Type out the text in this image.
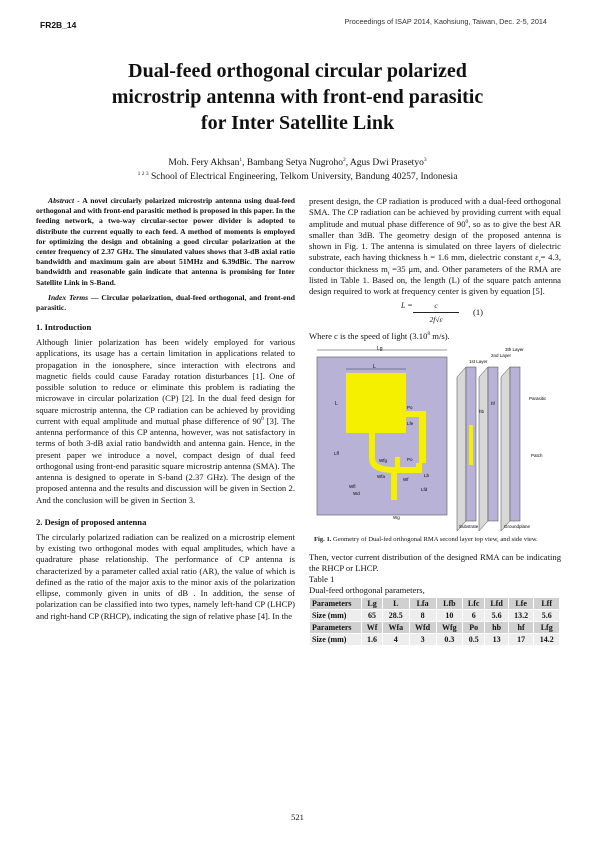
FR2B_14	Proceedings of ISAP 2014, Kaohsiung, Taiwan, Dec. 2-5, 2014
Dual-feed orthogonal circular polarized
microstrip antenna with front-end parasitic
for Inter Satellite Link
Moh. Fery Akhsan$^1$, Bambang Setya Nugroho$^2$, Agus Dwi Prasetyo$^3$
$^{1 2 3}$ School of Electrical Engineering, Telkom University, Bandung 40257, Indonesia

Abstract - A novel circularly polarized microstrip antenna using dual-feed orthogonal and with front-end parasitic method is proposed in this paper. In the feeding network, a two-way circular-sector power divider is adopted to distribute the current equally to each feed. A method of moments is employed for optimizing the design and obtaining a good circular polarization at the center frequency of 2.37 GHz. The simulated values shows that 3-dB axial ratio bandwidth and maximum gain are about 51MHz and 6.39dBic. The narrow bandwidth and reasonable gain indicate that antenna is promising for Inter Satellite Link in S-Band.

Index Terms — Circular polarization, dual-feed orthogonal, and front-end parasitic.

1. Introduction

Although linier polarization has been widely employed for various applications, its usage has a certain limitation in applications related to propagation in the ionosphere, since interaction with electrons and magnetic fields could cause Faraday rotation disturbances [1]. One of possible solution to reduce or eliminate this problem is radiating the microwave in circular polarization (CP) [2]. In the dual feed design for square microstrip antenna, the CP radiation can be achieved by providing current with equal amplitude and mutual phase difference of $90^0$ [3]. The antenna performance of this CP antenna, however, was not satisfactory in terms of both 3-dB axial ratio bandwidth and antenna gain. Hence, in the present paper we introduce a novel, compact design of dual feed orthogonal using front-end parasitic square microstrip antenna (SMA). The antenna is designed to operate in S-band (2.37 GHz). The design of the proposed antenna and the results and discussion will be given in Section 2. And the conclusion will be given in Section 3.

2. Design of proposed antenna

The circularly polarized radiation can be realized on a microstrip element by existing two orthogonal modes with equal amplitudes, which have a quadrature phase relationship. The performance of CP antenna is characterized by a parameter called axial ratio (AR), the value of which is defined as the ratio of the major axis to the minor axis of the polarization ellipse, commonly given in units of dB . In addition, the sense of polarization can be classified into two types, namely left-hand CP (LHCP) and right-hand CP (RHCP), indicating the sign of relative phase [4]. In the

present design, the CP radiation is produced with a dual-feed orthogonal SMA. The CP radiation can be achieved by providing current with equal amplitude and mutual phase difference of $90^0$, so as to give the best AR smaller than 3dB. The geometry design of the proposed antenna is shown in Fig. 1. The antenna is simulated on three layers of dielectric substrate, each having thickness h = 1.6 mm, dielectric constant $\varepsilon_r= 4.3$, conductor thickness $m_t =35$ μm, and. Other parameters of the RMA are listed in Table 1. Based on, the length (L) of the square patch antenna design required to work at frequency center is given by equation [5].

L =	c
2f√ε
(1)

Where c is the speed of light (3.10$^8$ m/s).

Lg
L
L
Po
Lfe
Lff
Wfg
Wfa
Wf
Po
Lb
Lfd
Wfl
Wd
Wg
3th Layer
2nd Layer
1st Layer
Parasitic
Patch
hf
hb
Substrate	Groundplane

Fig. 1. Geometry of Dual-fed orthogonal RMA second layer top view, and side view.

Then, vector current distribution of the designed RMA can be indicating the RHCP or LHCP.

Table 1
Dual-feed orthogonal parameters,
Parameters	Lg	L	Lfa	Lfb	Lfc	Lfd	Lfe	Lff
Size (mm)	65	28.5	8	10	6	5.6	13.2	5.6
Parameters	Wf	Wfa	Wfd	Wfg	Po	hb	hf	Lfg
Size (mm)	1.6	4	3	0.3	0.5	13	17	14.2
521
